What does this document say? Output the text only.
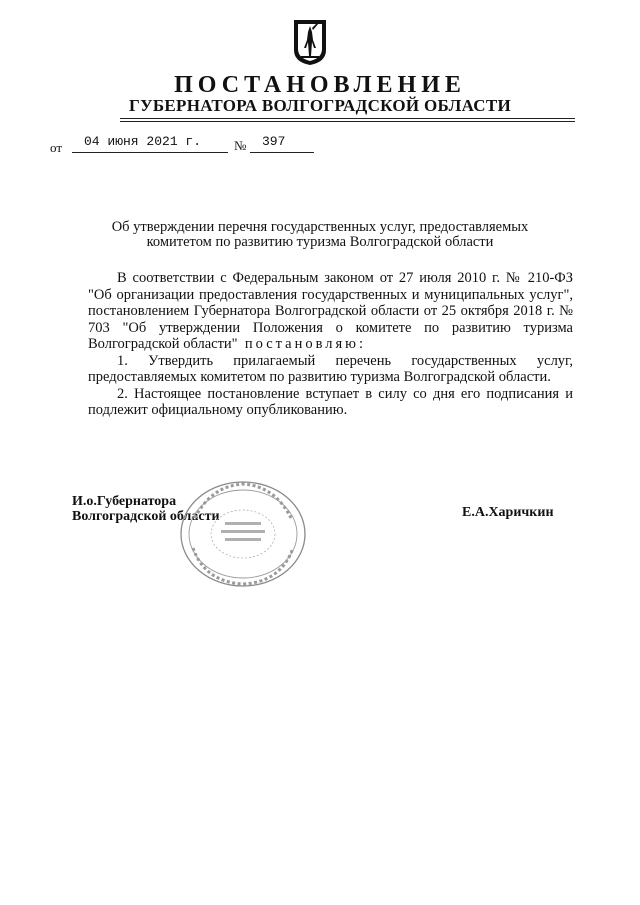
ПОСТАНОВЛЕНИЕ
ГУБЕРНАТОРА ВОЛГОГРАДСКОЙ ОБЛАСТИ
от 04 июня 2021 г.	№ 397
Об утверждении перечня государственных услуг, предоставляемых
комитетом по развитию туризма Волгоградской области

В соответствии с Федеральным законом от 27 июля 2010 г. № 210-ФЗ "Об организации предоставления государственных и муниципальных услуг", постановлением Губернатора Волгоградской области от 25 октября 2018 г. № 703 "Об утверждении Положения о комитете по развитию туризма Волгоградской области" постановляю:

1. Утвердить прилагаемый перечень государственных услуг, предоставляемых комитетом по развитию туризма Волгоградской области.

2. Настоящее постановление вступает в силу со дня его подписания и подлежит официальному опубликованию.

И.о.Губернатора
Волгоградской области	Е.А.Харичкин
